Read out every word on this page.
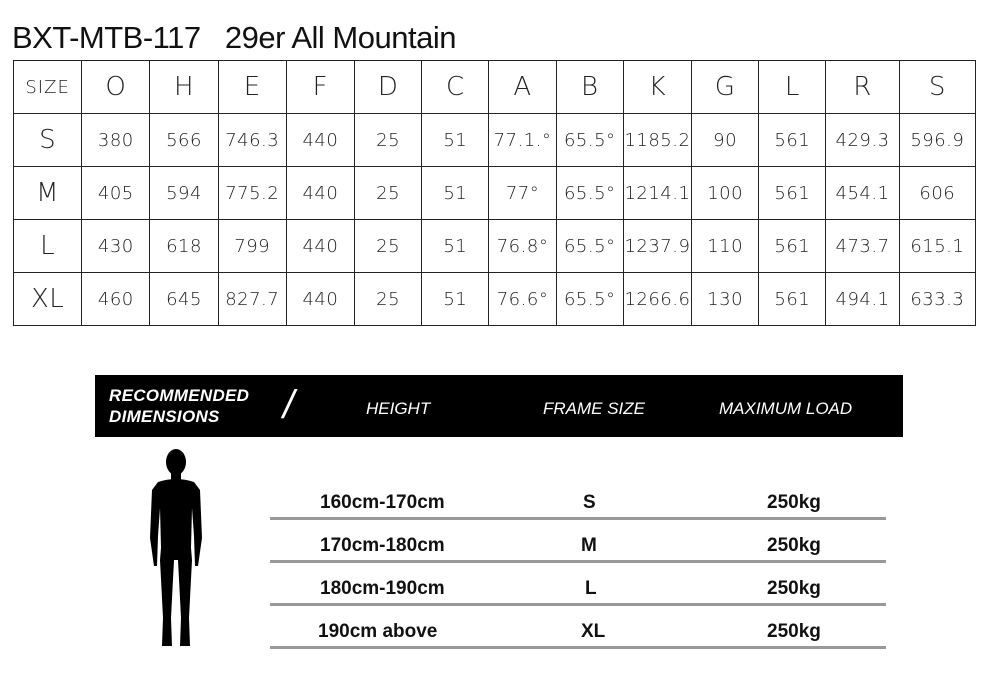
BXT-MTB-117   29er All Mountain
SIZE	O	H	E	F	D	C	A	B	K	G	L	R	S
S	380	566	746.3	440	25	51	77.1.°	65.5°	1185.2	90	561	429.3	596.9
M	405	594	775.2	440	25	51	77°	65.5°	1214.1	100	561	454.1	606
L	430	618	799	440	25	51	76.8°	65.5°	1237.9	110	561	473.7	615.1
XL	460	645	827.7	440	25	51	76.6°	65.5°	1266.6	130	561	494.1	633.3
RECOMMENDED
DIMENSIONS	/	HEIGHT	FRAME SIZE	MAXIMUM LOAD
160cm-170cm	S	250kg
170cm-180cm	M	250kg
180cm-190cm	L	250kg
190cm above	XL	250kg
